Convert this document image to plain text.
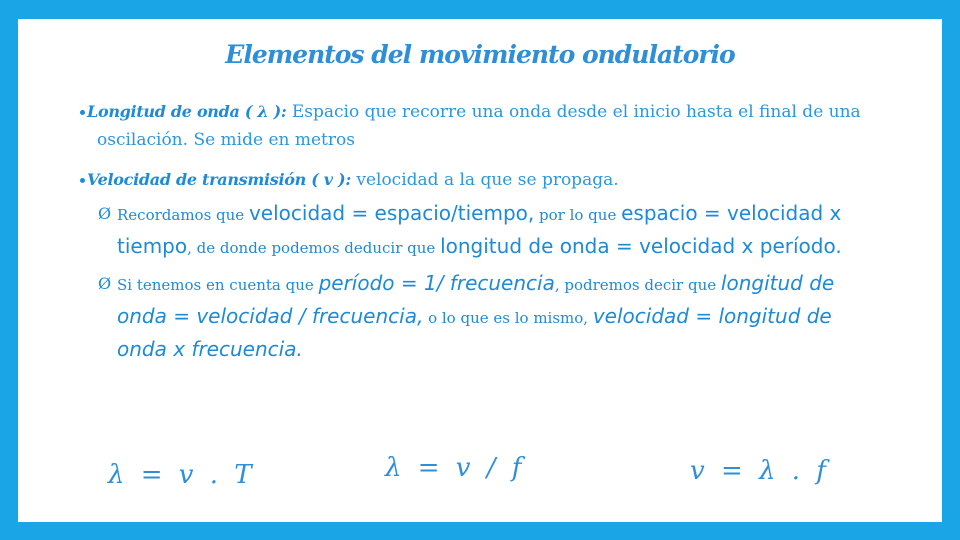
Elementos del movimiento ondulatorio

Longitud de onda ( λ ): Espacio que recorre una onda desde el inicio hasta el final de una

oscilación. Se mide en metros

Velocidad de transmisión ( v ): velocidad a la que se propaga.

Ø Recordamos que velocidad = espacio/tiempo, por lo que espacio = velocidad x
tiempo, de donde podemos deducir que longitud de onda = velocidad x período.
Ø Si tenemos en cuenta que período = 1/ frecuencia, podremos decir que longitud de
onda = velocidad / frecuencia, o lo que es lo mismo, velocidad = longitud de
onda x frecuencia.
λ = v . T	λ = v / f	v = λ . f
